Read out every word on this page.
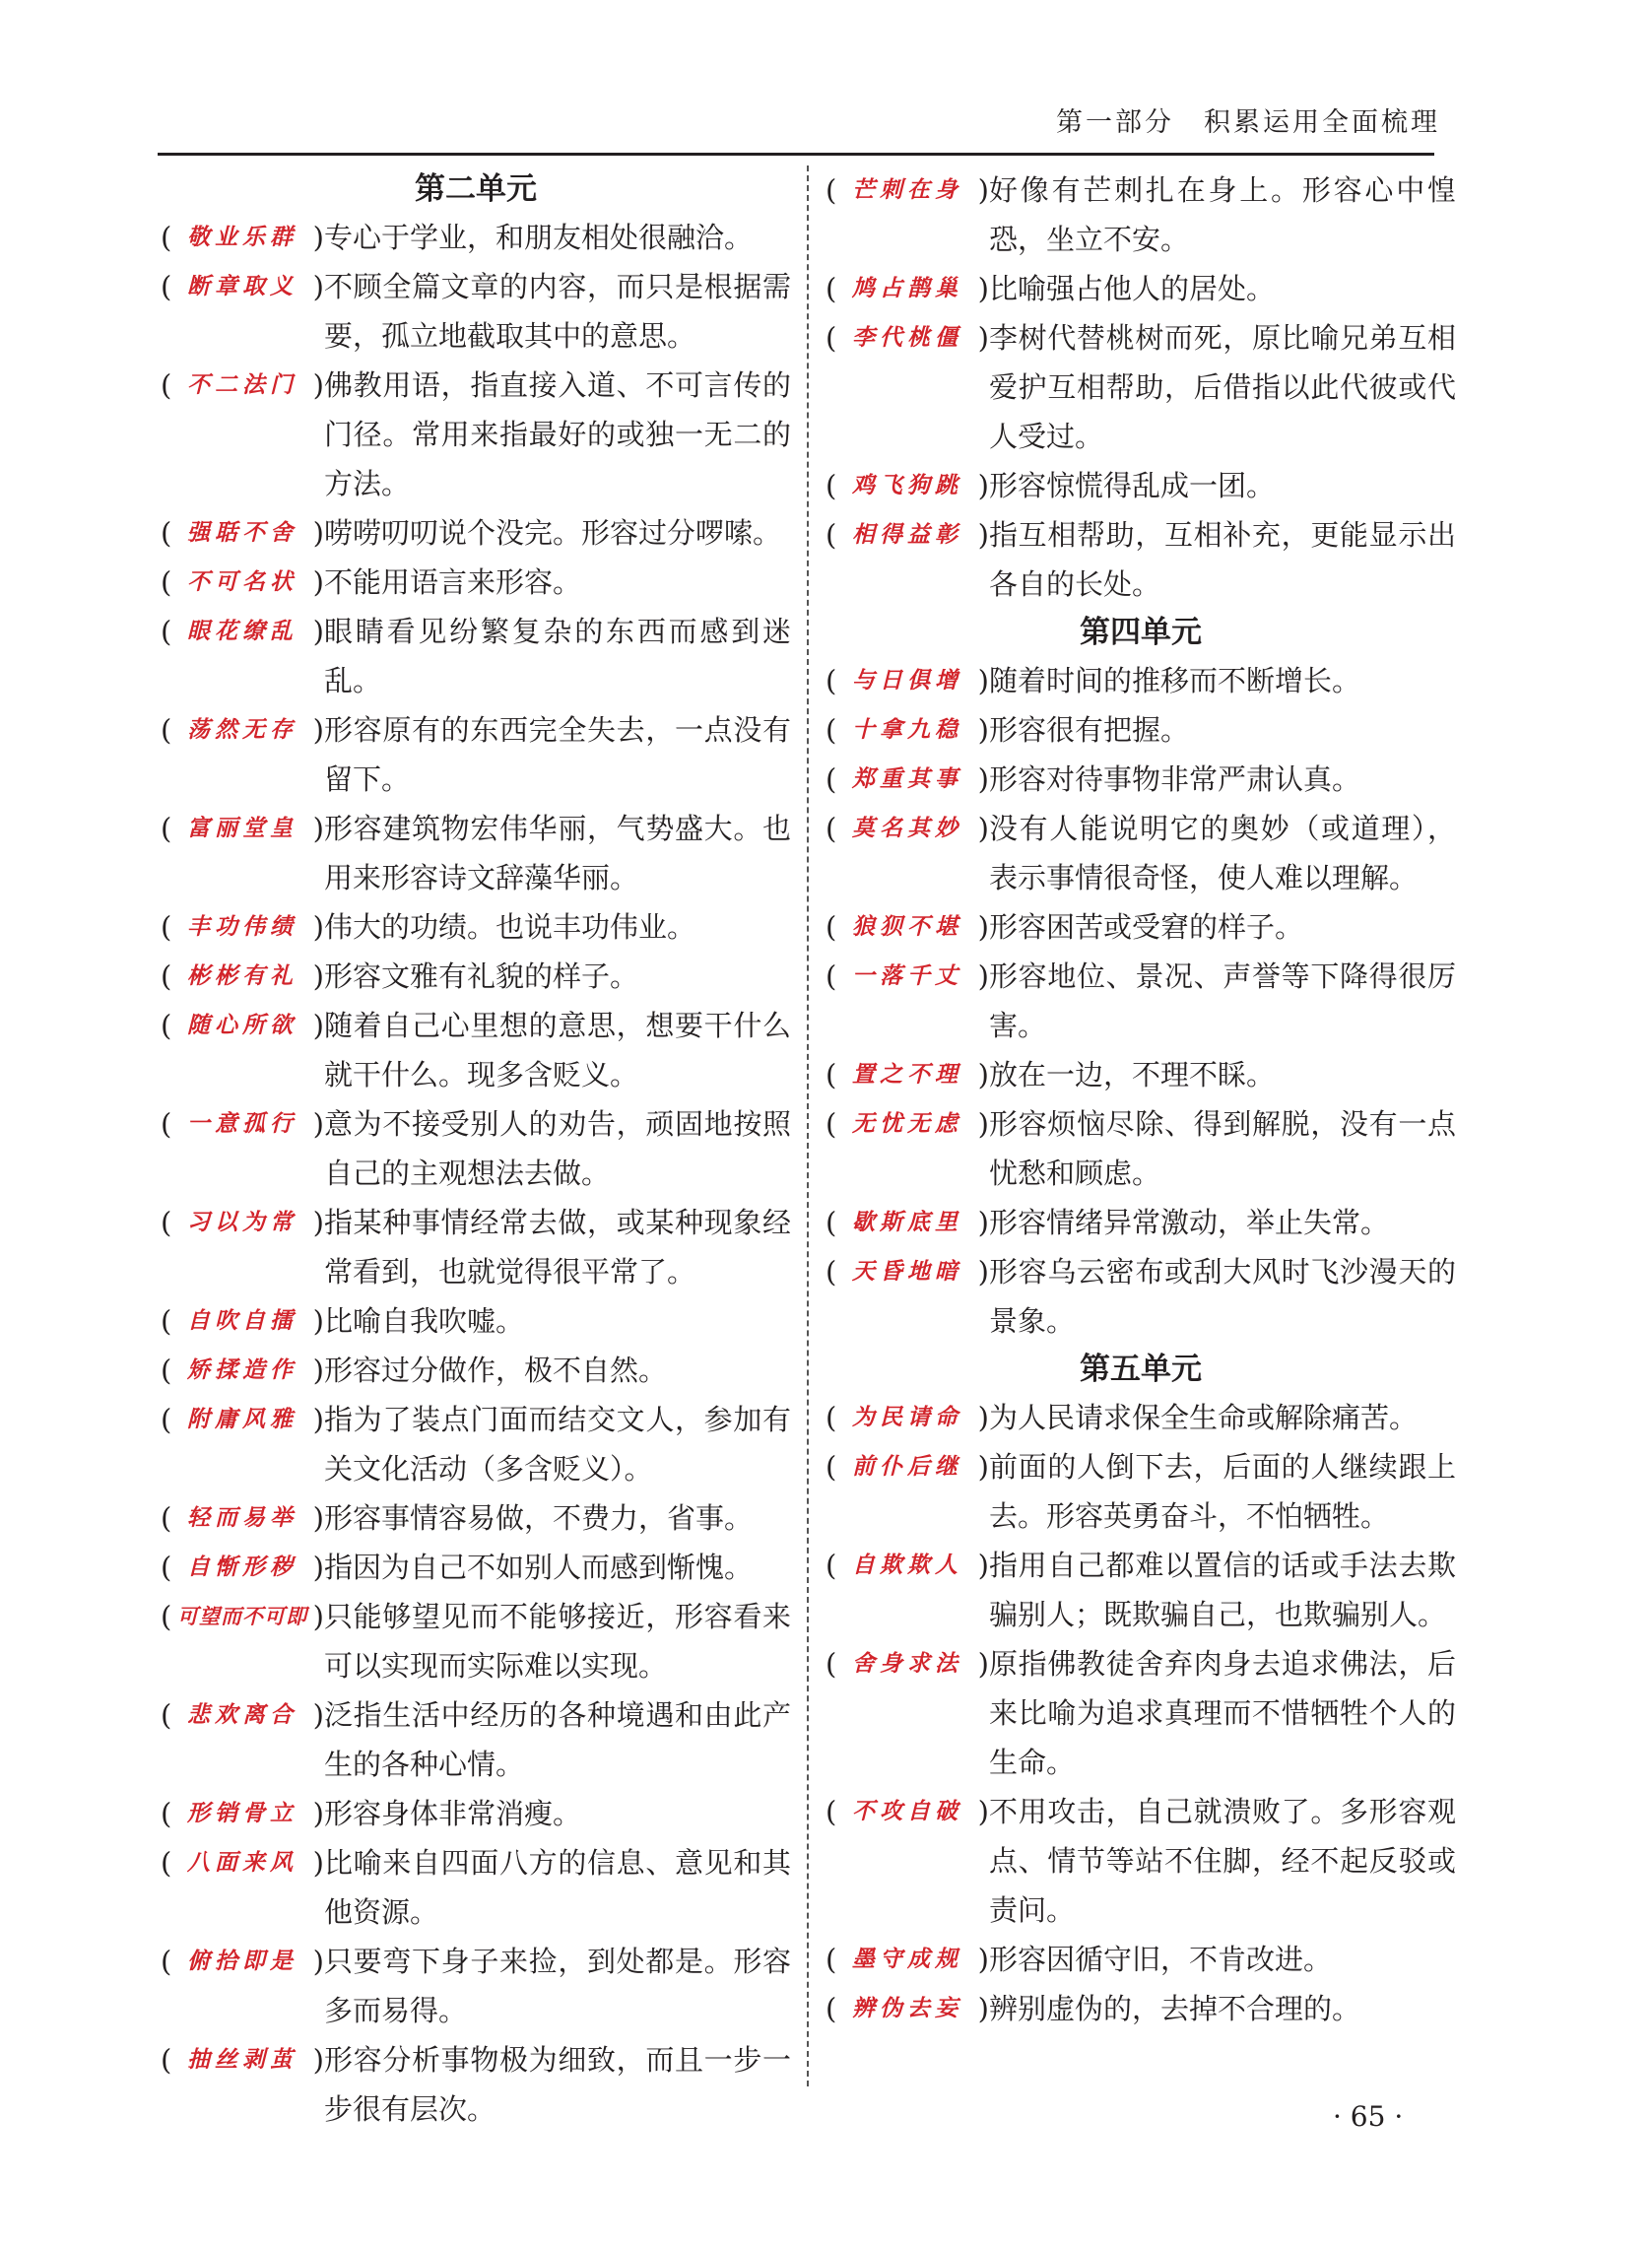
第一部分　积累运用全面梳理
第二单元
( 敬业乐群 ) 专心于学业，和朋友相处很融洽。
( 断章取义 ) 不顾全篇文章的内容，而只是根据需要，孤立地截取其中的意思。
( 不二法门 ) 佛教用语，指直接入道、不可言传的门径。常用来指最好的或独一无二的方法。
( 强聒不舍 ) 唠唠叨叨说个没完。形容过分啰嗦。
( 不可名状 ) 不能用语言来形容。
( 眼花缭乱 ) 眼睛看见纷繁复杂的东西而感到迷乱。
( 荡然无存 ) 形容原有的东西完全失去，一点没有留下。
( 富丽堂皇 ) 形容建筑物宏伟华丽，气势盛大。也用来形容诗文辞藻华丽。
( 丰功伟绩 ) 伟大的功绩。也说丰功伟业。
( 彬彬有礼 ) 形容文雅有礼貌的样子。
( 随心所欲 ) 随着自己心里想的意思，想要干什么就干什么。现多含贬义。
( 一意孤行 ) 意为不接受别人的劝告，顽固地按照自己的主观想法去做。
( 习以为常 ) 指某种事情经常去做，或某种现象经常看到，也就觉得很平常了。
( 自吹自擂 ) 比喻自我吹嘘。
( 矫揉造作 ) 形容过分做作，极不自然。
( 附庸风雅 ) 指为了装点门面而结交文人，参加有关文化活动（多含贬义）。
( 轻而易举 ) 形容事情容易做，不费力，省事。
( 自惭形秽 ) 指因为自己不如别人而感到惭愧。
( 可望而不可即 ) 只能够望见而不能够接近，形容看来可以实现而实际难以实现。
( 悲欢离合 ) 泛指生活中经历的各种境遇和由此产生的各种心情。
( 形销骨立 ) 形容身体非常消瘦。
( 八面来风 ) 比喻来自四面八方的信息、意见和其他资源。
( 俯拾即是 ) 只要弯下身子来捡，到处都是。形容多而易得。
( 抽丝剥茧 ) 形容分析事物极为细致，而且一步一步很有层次。
( 芒刺在身 ) 好像有芒刺扎在身上。形容心中惶恐，坐立不安。
( 鸠占鹊巢 ) 比喻强占他人的居处。
( 李代桃僵 ) 李树代替桃树而死，原比喻兄弟互相爱护互相帮助，后借指以此代彼或代人受过。
( 鸡飞狗跳 ) 形容惊慌得乱成一团。
( 相得益彰 ) 指互相帮助，互相补充，更能显示出各自的长处。
第四单元
( 与日俱增 ) 随着时间的推移而不断增长。
( 十拿九稳 ) 形容很有把握。
( 郑重其事 ) 形容对待事物非常严肃认真。
( 莫名其妙 ) 没有人能说明它的奥妙（或道理），表示事情很奇怪，使人难以理解。
( 狼狈不堪 ) 形容困苦或受窘的样子。
( 一落千丈 ) 形容地位、景况、声誉等下降得很厉害。
( 置之不理 ) 放在一边，不理不睬。
( 无忧无虑 ) 形容烦恼尽除、得到解脱，没有一点忧愁和顾虑。
( 歇斯底里 ) 形容情绪异常激动，举止失常。
( 天昏地暗 ) 形容乌云密布或刮大风时飞沙漫天的景象。
第五单元
( 为民请命 ) 为人民请求保全生命或解除痛苦。
( 前仆后继 ) 前面的人倒下去，后面的人继续跟上去。形容英勇奋斗，不怕牺牲。
( 自欺欺人 ) 指用自己都难以置信的话或手法去欺骗别人；既欺骗自己，也欺骗别人。
( 舍身求法 ) 原指佛教徒舍弃肉身去追求佛法，后来比喻为追求真理而不惜牺牲个人的生命。
( 不攻自破 ) 不用攻击，自己就溃败了。多形容观点、情节等站不住脚，经不起反驳或责问。
( 墨守成规 ) 形容因循守旧，不肯改进。
( 辨伪去妄 ) 辨别虚伪的，去掉不合理的。
· 65 ·
